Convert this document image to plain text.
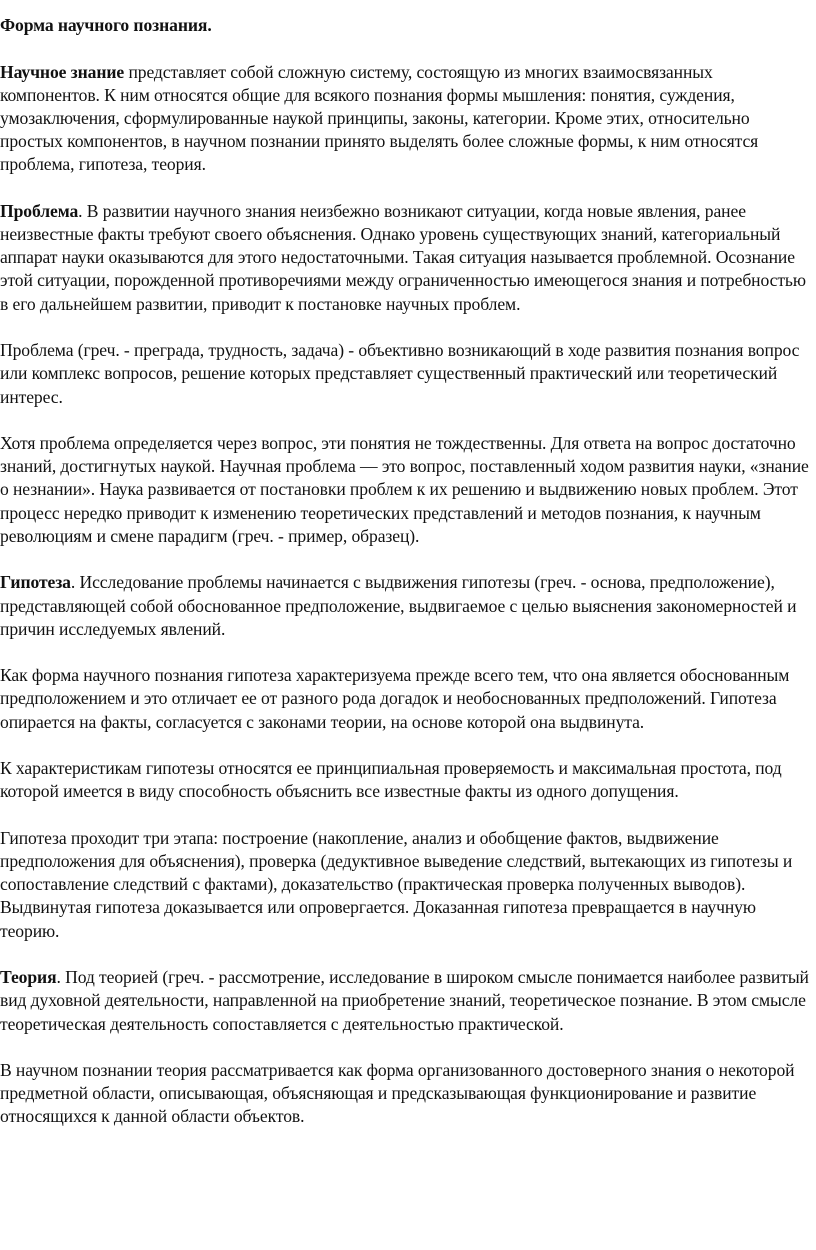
Форма научного познания.

Научное знание представляет собой сложную систему, состоящую из многих взаимосвязанных компонентов. К ним относятся общие для всякого познания формы мышления: понятия, суждения, умозаключения, сформулированные наукой принципы, законы, категории. Кроме этих, относительно простых компонентов, в научном познании принято выделять более сложные формы, к ним относятся проблема, гипотеза, теория.

Проблема. В развитии научного знания неизбежно возникают ситуации, когда новые явления, ранее неизвестные факты требуют своего объяснения. Однако уровень существующих знаний, категориальный аппарат науки оказываются для этого недостаточными. Такая ситуация называется проблемной. Осознание этой ситуации, порожденной противоречиями между ограниченностью имеющегося знания и потребностью в его дальнейшем развитии, приводит к постановке научных проблем.

Проблема (греч. - преграда, трудность, задача) - объективно возникающий в ходе развития познания вопрос или комплекс вопросов, решение которых представляет существенный практический или теоретический интерес.

Хотя проблема определяется через вопрос, эти понятия не тождественны. Для ответа на вопрос достаточно знаний, достигнутых наукой. Научная проблема — это вопрос, поставленный ходом развития науки, «знание о незнании». Наука развивается от постановки проблем к их решению и выдвижению новых проблем. Этот процесс нередко приводит к изменению теоретических представлений и методов познания, к научным революциям и смене парадигм (греч. - пример, образец).

Гипотеза. Исследование проблемы начинается с выдвижения гипотезы (греч. - основа, предположение), представляющей собой обоснованное предположение, выдвигаемое с целью выяснения закономерностей и причин исследуемых явлений.

Как форма научного познания гипотеза характеризуема прежде всего тем, что она является обоснованным предположением и это отличает ее от разного рода догадок и необоснованных предположений. Гипотеза опирается на факты, согласуется с законами теории, на основе которой она выдвинута.

К характеристикам гипотезы относятся ее принципиальная проверяемость и максимальная простота, под которой имеется в виду способность объяснить все известные факты из одного допущения.

Гипотеза проходит три этапа: построение (накопление, анализ и обобщение фактов, выдвижение предположения для объяснения), проверка (дедуктивное выведение следствий, вытекающих из гипотезы и сопоставление следствий с фактами), доказательство (практическая проверка полученных выводов). Выдвинутая гипотеза доказывается или опровергается. Доказанная гипотеза превращается в научную теорию.

Теория. Под теорией (греч. - рассмотрение, исследование в широком смысле понимается наиболее развитый вид духовной деятельности, направленной на приобретение знаний, теоретическое познание. В этом смысле теоретическая деятельность сопоставляется с деятельностью практической.

В научном познании теория рассматривается как форма организованного достоверного знания о некоторой предметной области, описывающая, объясняющая и предсказывающая функционирование и развитие относящихся к данной области объектов.
